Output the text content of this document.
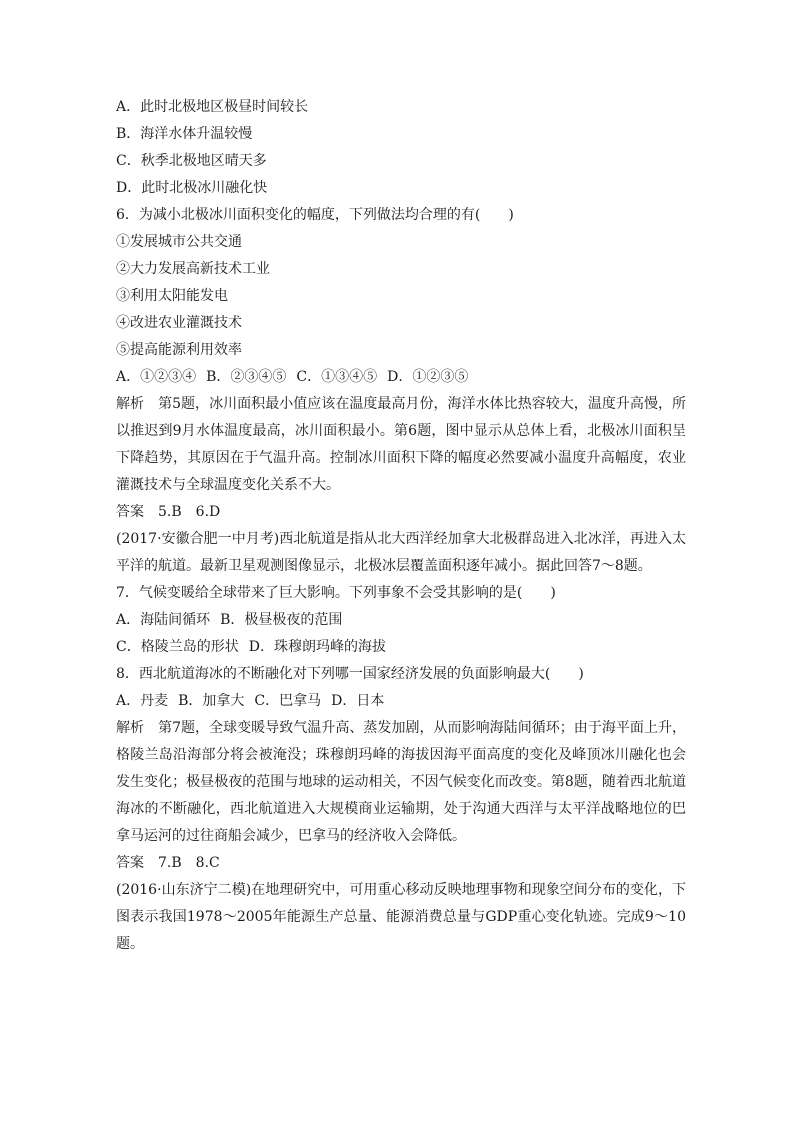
A．此时北极地区极昼时间较长

B．海洋水体升温较慢

C．秋季北极地区晴天多

D．此时北极冰川融化快

6．为减小北极冰川面积变化的幅度，下列做法均合理的有(　　)

①发展城市公共交通

②大力发展高新技术工业

③利用太阳能发电

④改进农业灌溉技术

⑤提高能源利用效率

A．①②③④ B．②③④⑤ C．①③④⑤ D．①②③⑤

解析 第5题，冰川面积最小值应该在温度最高月份，海洋水体比热容较大，温度升高慢，所以推迟到9月水体温度最高，冰川面积最小。第6题，图中显示从总体上看，北极冰川面积呈下降趋势，其原因在于气温升高。控制冰川面积下降的幅度必然要减小温度升高幅度，农业灌溉技术与全球温度变化关系不大。

答案 5.B 6.D

(2017·安徽合肥一中月考)西北航道是指从北大西洋经加拿大北极群岛进入北冰洋，再进入太平洋的航道。最新卫星观测图像显示，北极冰层覆盖面积逐年减小。据此回答7～8题。

7．气候变暖给全球带来了巨大影响。下列事象不会受其影响的是(　　)

A．海陆间循环 B．极昼极夜的范围

C．格陵兰岛的形状 D．珠穆朗玛峰的海拔

8．西北航道海冰的不断融化对下列哪一国家经济发展的负面影响最大(　　)

A．丹麦 B．加拿大 C．巴拿马 D．日本

解析 第7题，全球变暖导致气温升高、蒸发加剧，从而影响海陆间循环；由于海平面上升，格陵兰岛沿海部分将会被淹没；珠穆朗玛峰的海拔因海平面高度的变化及峰顶冰川融化也会发生变化；极昼极夜的范围与地球的运动相关，不因气候变化而改变。第8题，随着西北航道海冰的不断融化，西北航道进入大规模商业运输期，处于沟通大西洋与太平洋战略地位的巴拿马运河的过往商船会减少，巴拿马的经济收入会降低。

答案 7.B 8.C

(2016·山东济宁二模)在地理研究中，可用重心移动反映地理事物和现象空间分布的变化，下图表示我国1978～2005年能源生产总量、能源消费总量与GDP重心变化轨迹。完成9～10题。
